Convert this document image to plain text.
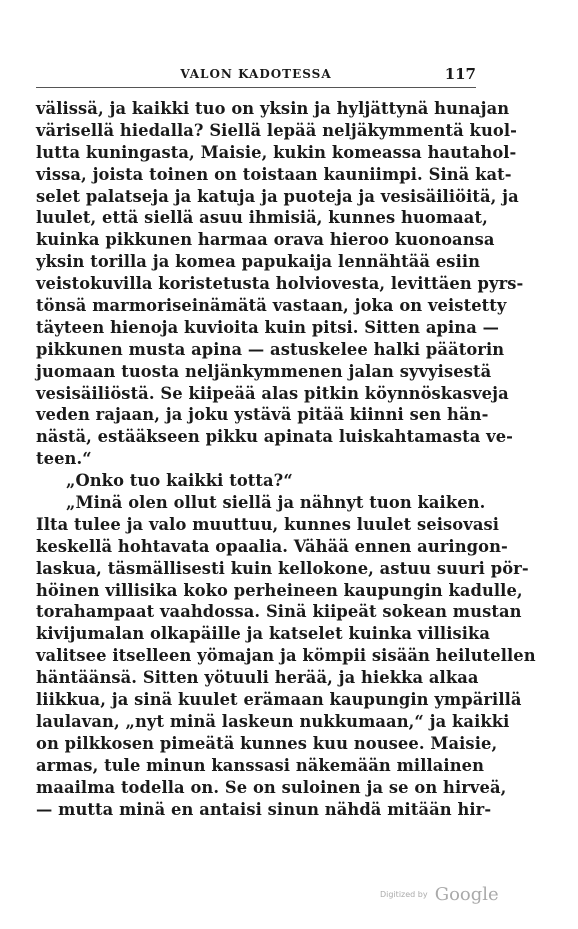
VALON KADOTESSA	117
välissä, ja kaikki tuo on yksin ja hyljättynä hunajan
värisellä hiedalla? Siellä lepää neljäkymmentä kuol-
lutta kuningasta, Maisie, kukin komeassa hautahol-
vissa, joista toinen on toistaan kauniimpi. Sinä kat-
selet palatseja ja katuja ja puoteja ja vesisäiliöitä, ja
luulet, että siellä asuu ihmisiä, kunnes huomaat,
kuinka pikkunen harmaa orava hieroo kuonoansa
yksin torilla ja komea papukaija lennähtää esiin
veistokuvilla koristetusta holviovesta, levittäen pyrs-
tönsä marmoriseinämätä vastaan, joka on veistetty
täyteen hienoja kuvioita kuin pitsi. Sitten apina —
pikkunen musta apina — astuskelee halki päätorin
juomaan tuosta neljänkymmenen jalan syvyisestä
vesisäiliöstä. Se kiipeää alas pitkin köynnöskasveja
veden rajaan, ja joku ystävä pitää kiinni sen hän-
nästä, estääkseen pikku apinata luiskahtamasta ve-
teen.“
„Onko tuo kaikki totta?“
„Minä olen ollut siellä ja nähnyt tuon kaiken.
Ilta tulee ja valo muuttuu, kunnes luulet seisovasi
keskellä hohtavata opaalia. Vähää ennen auringon-
laskua, täsmällisesti kuin kellokone, astuu suuri pör-
höinen villisika koko perheineen kaupungin kadulle,
torahampaat vaahdossa. Sinä kiipeät sokean mustan
kivijumalan olkapäille ja katselet kuinka villisika
valitsee itselleen yömajan ja kömpii sisään heilutellen
häntäänsä. Sitten yötuuli herää, ja hiekka alkaa
liikkua, ja sinä kuulet erämaan kaupungin ympärillä
laulavan, „nyt minä laskeun nukkumaan,“ ja kaikki
on pilkkosen pimeätä kunnes kuu nousee. Maisie,
armas, tule minun kanssasi näkemään millainen
maailma todella on. Se on suloinen ja se on hirveä,
— mutta minä en antaisi sinun nähdä mitään hir-
Digitized by Google
